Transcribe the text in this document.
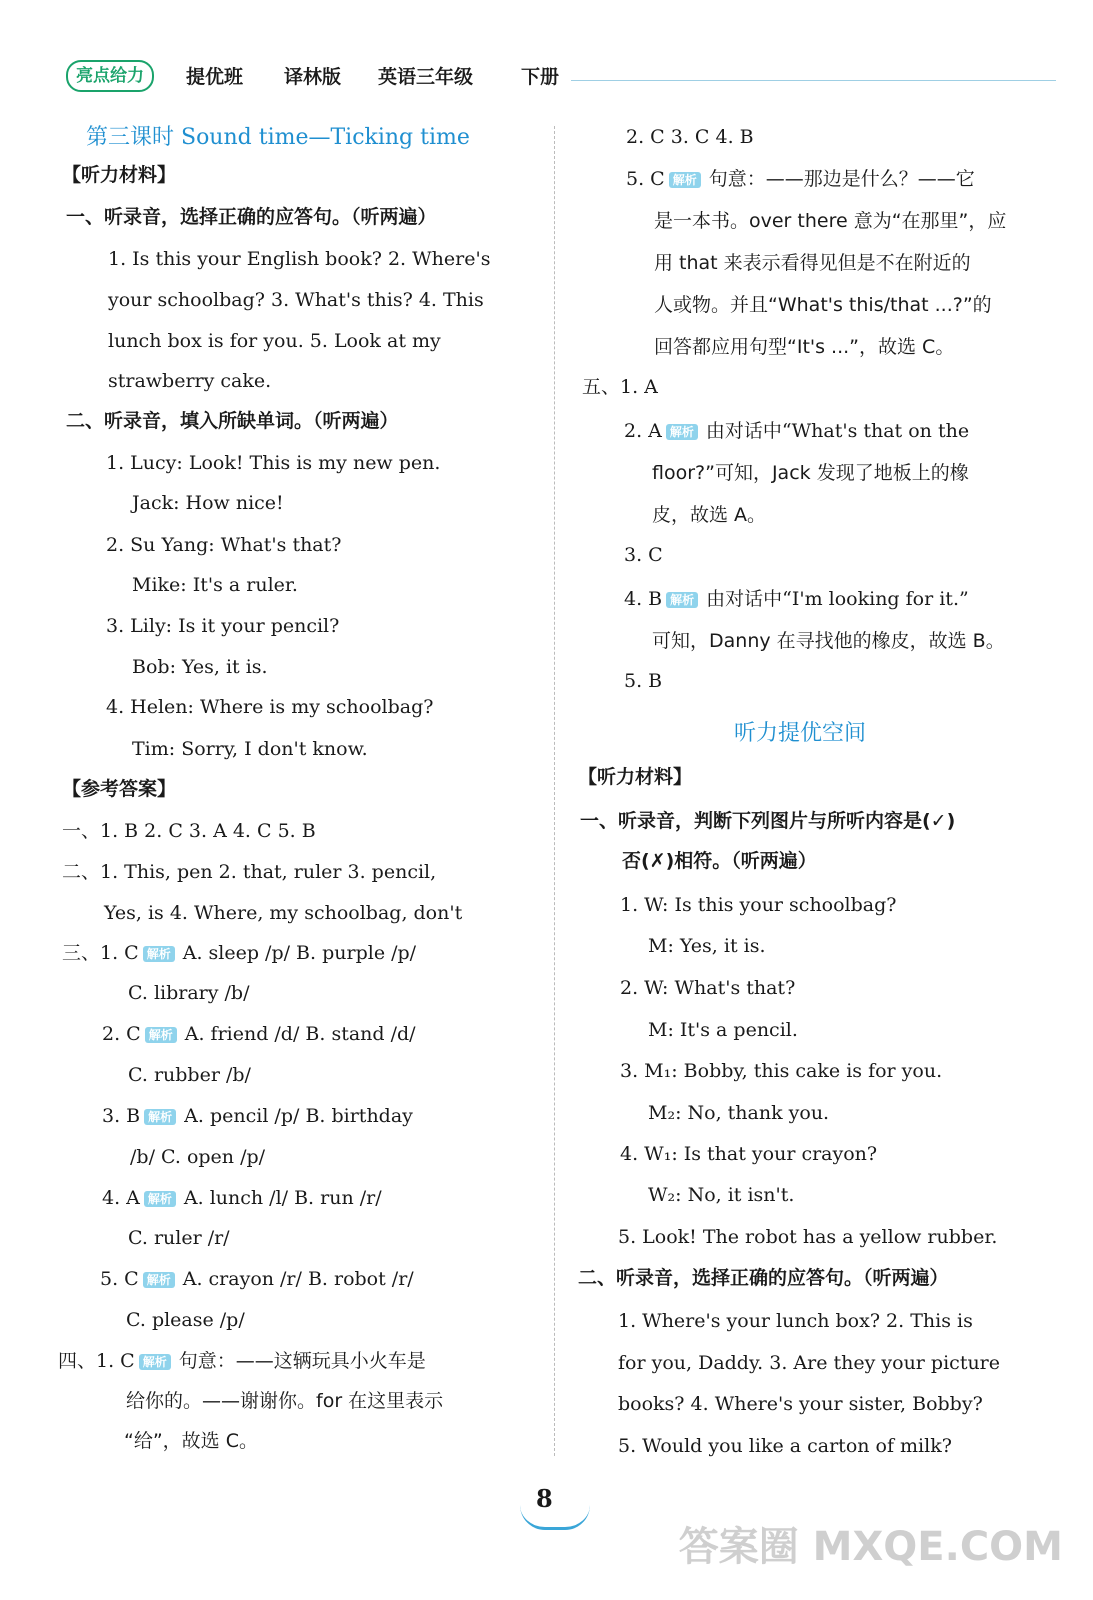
亮点给力	提优班 译林版 英语三年级	下册
第三课时 Sound time—Ticking time
【听力材料】
一、听录音，选择正确的应答句。（听两遍）
1. Is this your English book? 2. Where's
your schoolbag? 3. What's this? 4. This
lunch box is for you. 5. Look at my
strawberry cake.
二、听录音，填入所缺单词。（听两遍）
1. Lucy: Look! This is my new pen.
Jack: How nice!
2. Su Yang: What's that?
Mike: It's a ruler.
3. Lily: Is it your pencil?
Bob: Yes, it is.
4. Helen: Where is my schoolbag?
Tim: Sorry, I don't know.
【参考答案】
一、1. B 2. C 3. A 4. C 5. B
二、1. This, pen 2. that, ruler 3. pencil,
Yes, is 4. Where, my schoolbag, don't
三、1. C 解析 A. sleep /p/ B. purple /p/
C. library /b/
2. C 解析 A. friend /d/ B. stand /d/
C. rubber /b/
3. B 解析 A. pencil /p/ B. birthday
/b/ C. open /p/
4. A 解析 A. lunch /l/ B. run /r/
C. ruler /r/
5. C 解析 A. crayon /r/ B. robot /r/
C. please /p/
四、1. C 解析 句意：——这辆玩具小火车是
给你的。——谢谢你。for 在这里表示
“给”，故选 C。
2. C 3. C 4. B
5. C 解析 句意：——那边是什么？——它
是一本书。over there 意为“在那里”，应
用 that 来表示看得见但是不在附近的
人或物。并且“What's this/that ...?”的
回答都应用句型“It's ...”，故选 C。
五、1. A
2. A 解析 由对话中“What's that on the
floor?”可知，Jack 发现了地板上的橡
皮，故选 A。
3. C
4. B 解析 由对话中“I'm looking for it.”
可知，Danny 在寻找他的橡皮，故选 B。
5. B
听力提优空间
【听力材料】
一、听录音，判断下列图片与所听内容是(✓)
否(✗)相符。（听两遍）
1. W: Is this your schoolbag?
M: Yes, it is.
2. W: What's that?
M: It's a pencil.
3. M₁: Bobby, this cake is for you.
M₂: No, thank you.
4. W₁: Is that your crayon?
W₂: No, it isn't.
5. Look! The robot has a yellow rubber.
二、听录音，选择正确的应答句。（听两遍）
1. Where's your lunch box? 2. This is
for you, Daddy. 3. Are they your picture
books? 4. Where's your sister, Bobby?
5. Would you like a carton of milk?
8
答案圈 MXQE.COM
